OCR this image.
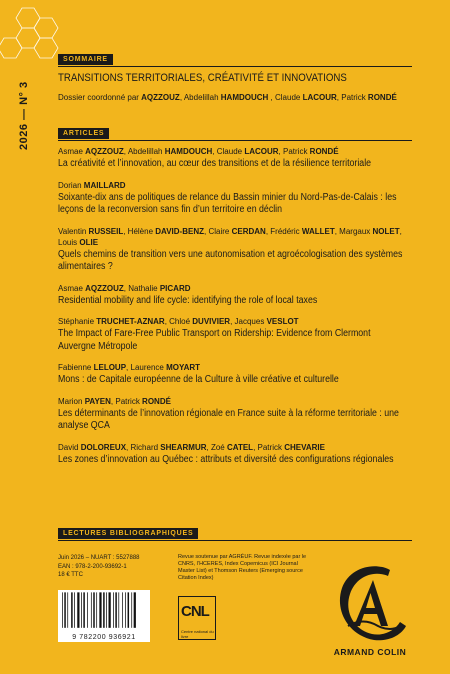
2026 — N° 3
SOMMAIRE
TRANSITIONS TERRITORIALES, CRÉATIVITÉ ET INNOVATIONS
Dossier coordonné par AQZZOUZ, Abdelillah HAMDOUCH , Claude LACOUR, Patrick RONDÉ
ARTICLES
Asmae AQZZOUZ, Abdelillah HAMDOUCH, Claude LACOUR, Patrick RONDÉ
La créativité et l’innovation, au cœur des transitions et de la résilience territoriale
Dorian MAILLARD
Soixante-dix ans de politiques de relance du Bassin minier du Nord-Pas-de-Calais : les leçons de la reconversion sans fin d’un territoire en déclin
Valentin RUSSEIL, Hélène DAVID-BENZ, Claire CERDAN, Frédéric WALLET, Margaux NOLET, Louis OLIE
Quels chemins de transition vers une autonomisation et agroécologisation des systèmes alimentaires ?
Asmae AQZZOUZ, Nathalie PICARD
Residential mobility and life cycle: identifying the role of local taxes
Stéphanie TRUCHET-AZNAR, Chloé DUVIVIER, Jacques VESLOT
The Impact of Fare-Free Public Transport on Ridership: Evidence from Clermont Auvergne Métropole
Fabienne LELOUP, Laurence MOYART
Mons : de Capitale européenne de la Culture à ville créative et culturelle
Marion PAYEN, Patrick RONDÉ
Les déterminants de l’innovation régionale en France suite à la réforme territoriale : une analyse QCA
David DOLOREUX, Richard SHEARMUR, Zoé CATEL, Patrick CHEVARIE
Les zones d’innovation au Québec : attributs et diversité des configurations régionales
LECTURES BIBLIOGRAPHIQUES
Juin 2026 – NUART : 5527888
EAN : 978-2-200-93692-1
18 € TTC
9 782200 936921
Revue soutenue par AGRÉUF. Revue indexée par le CNRS, l’HCERES, Index Copernicus (ICI Journal Master List) et Thomson Reuters (Emerging source Citation Index)
CNL
Centre national du livre
ARMAND COLIN
